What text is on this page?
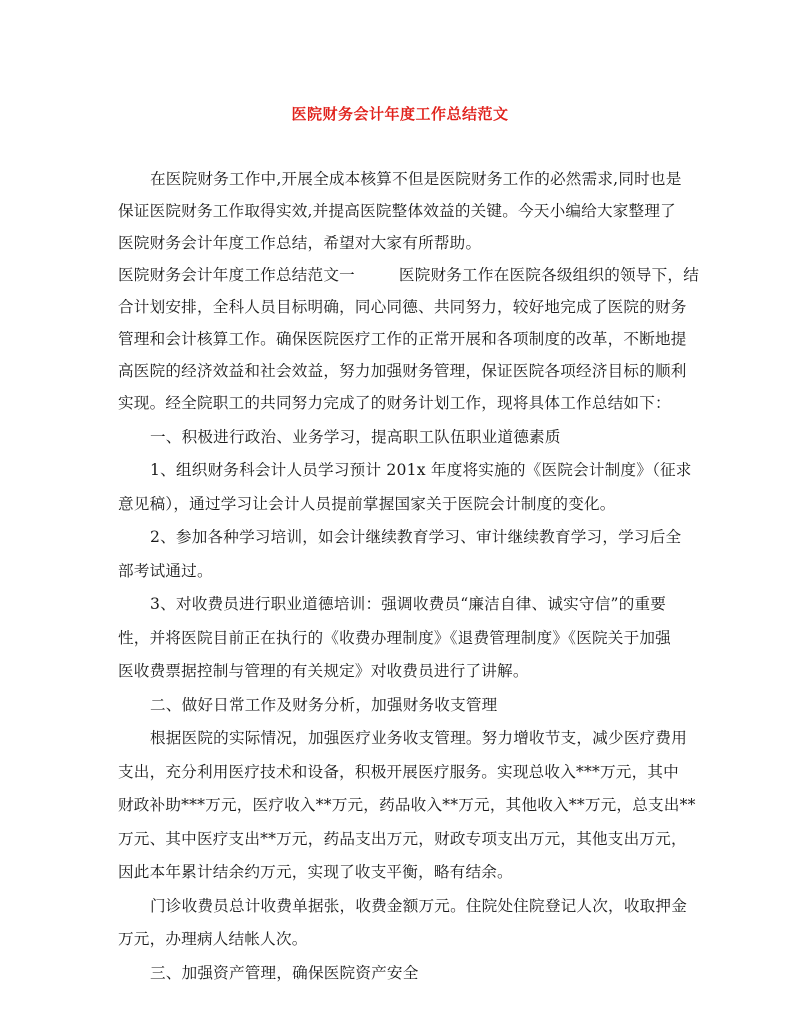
医院财务会计年度工作总结范文
在医院财务工作中,开展全成本核算不但是医院财务工作的必然需求,同时也是
保证医院财务工作取得实效,并提高医院整体效益的关键。今天小编给大家整理了
医院财务会计年度工作总结，希望对大家有所帮助。
医院财务会计年度工作总结范文一	医院财务工作在医院各级组织的领导下，结
合计划安排，全科人员目标明确，同心同德、共同努力，较好地完成了医院的财务
管理和会计核算工作。确保医院医疗工作的正常开展和各项制度的改革，不断地提
高医院的经济效益和社会效益，努力加强财务管理，保证医院各项经济目标的顺利
实现。经全院职工的共同努力完成了的财务计划工作，现将具体工作总结如下：
一、积极进行政治、业务学习，提高职工队伍职业道德素质
1、组织财务科会计人员学习预计 201x 年度将实施的《医院会计制度》（征求
意见稿），通过学习让会计人员提前掌握国家关于医院会计制度的变化。
2、参加各种学习培训，如会计继续教育学习、审计继续教育学习，学习后全
部考试通过。
3、对收费员进行职业道德培训：强调收费员“廉洁自律、诚实守信”的重要
性，并将医院目前正在执行的《收费办理制度》《退费管理制度》《医院关于加强
医收费票据控制与管理的有关规定》对收费员进行了讲解。
二、做好日常工作及财务分析，加强财务收支管理
根据医院的实际情况，加强医疗业务收支管理。努力增收节支，减少医疗费用
支出，充分利用医疗技术和设备，积极开展医疗服务。实现总收入***万元，其中
财政补助***万元，医疗收入**万元，药品收入**万元，其他收入**万元，总支出**
万元、其中医疗支出**万元，药品支出万元，财政专项支出万元，其他支出万元，
因此本年累计结余约万元，实现了收支平衡，略有结余。
门诊收费员总计收费单据张，收费金额万元。住院处住院登记人次，收取押金
万元，办理病人结帐人次。
三、加强资产管理，确保医院资产安全
